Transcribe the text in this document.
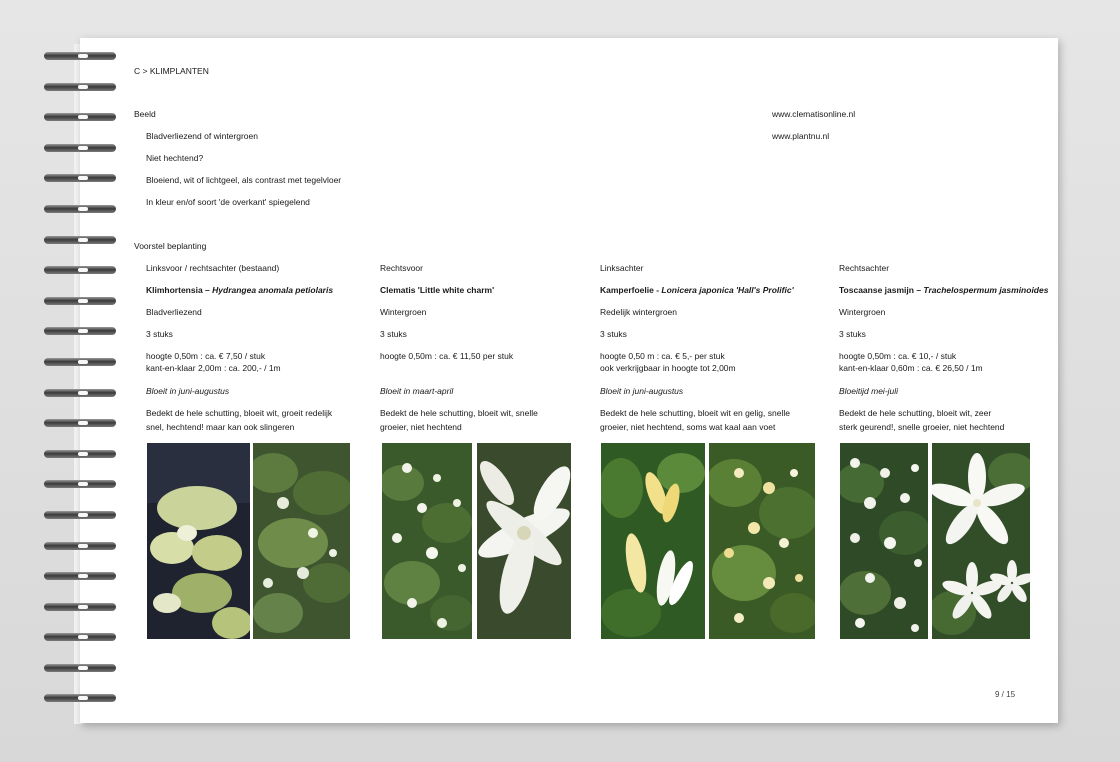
C > KLIMPLANTEN
Beeld
Bladverliezend of wintergroen
Niet hechtend?
Bloeiend, wit of lichtgeel, als contrast met tegelvloer
In kleur en/of soort 'de overkant' spiegelend
www.clematisonline.nl
www.plantnu.nl
Voorstel beplanting
Linksvoor / rechtsachter (bestaand)
Klimhortensia – Hydrangea anomala petiolaris
Bladverliezend
3 stuks
hoogte 0,50m : ca. € 7,50 / stuk
kant-en-klaar 2,00m : ca. 200,- / 1m
Bloeit in juni-augustus
Bedekt de hele schutting, bloeit wit, groeit redelijk
snel, hechtend! maar kan ook slingeren
Rechtsvoor
Clematis 'Little white charm'
Wintergroen
3 stuks
hoogte 0,50m : ca. € 11,50 per stuk
Bloeit in maart-april
Bedekt de hele schutting, bloeit wit, snelle
groeier, niet hechtend
Linksachter
Kamperfoelie - Lonicera japonica 'Hall's Prolific'
Redelijk wintergroen
3 stuks
hoogte 0,50 m : ca. € 5,- per stuk
ook verkrijgbaar in hoogte tot 2,00m
Bloeit in juni-augustus
Bedekt de hele schutting, bloeit wit en gelig, snelle
groeier, niet hechtend, soms wat kaal aan voet
Rechtsachter
Toscaanse jasmijn – Trachelospermum jasminoides
Wintergroen
3 stuks
hoogte 0,50m : ca. € 10,- / stuk
kant-en-klaar 0,60m : ca. € 26,50 / 1m
Bloeitijd mei-juli
Bedekt de hele schutting, bloeit wit, zeer
sterk geurend!, snelle groeier, niet hechtend
9 / 15
